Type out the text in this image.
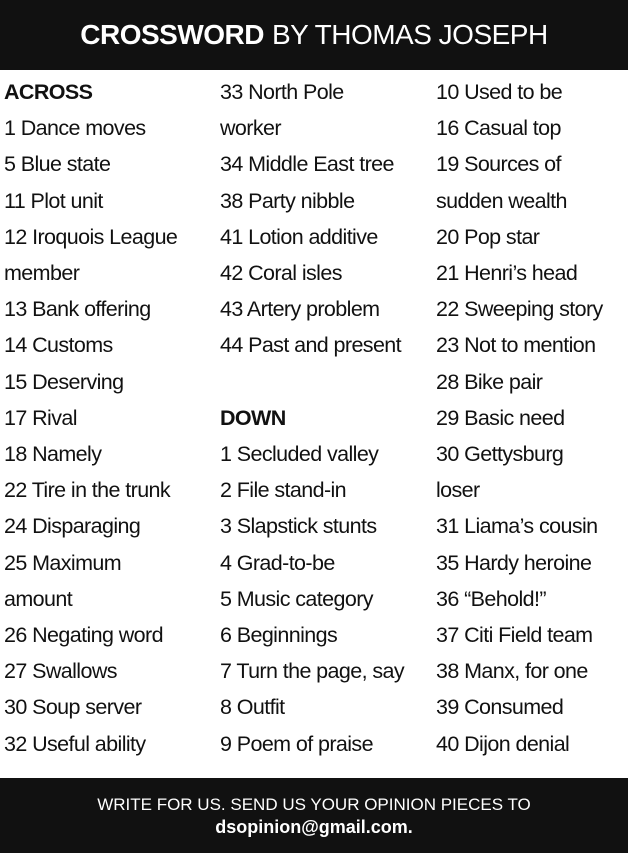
CROSSWORD BY THOMAS JOSEPH
ACROSS
1 Dance moves
5 Blue state
11 Plot unit
12 Iroquois League
member
13 Bank offering
14 Customs
15 Deserving
17 Rival
18 Namely
22 Tire in the trunk
24 Disparaging
25 Maximum
amount
26 Negating word
27 Swallows
30 Soup server
32 Useful ability
33 North Pole
worker
34 Middle East tree
38 Party nibble
41 Lotion additive
42 Coral isles
43 Artery problem
44 Past and present
DOWN
1 Secluded valley
2 File stand-in
3 Slapstick stunts
4 Grad-to-be
5 Music category
6 Beginnings
7 Turn the page, say
8 Outfit
9 Poem of praise
10 Used to be
16 Casual top
19 Sources of
sudden wealth
20 Pop star
21 Henri’s head
22 Sweeping story
23 Not to mention
28 Bike pair
29 Basic need
30 Gettysburg
loser
31 Liama’s cousin
35 Hardy heroine
36 “Behold!”
37 Citi Field team
38 Manx, for one
39 Consumed
40 Dijon denial
WRITE FOR US. SEND US YOUR OPINION PIECES TO
dsopinion@gmail.com.
